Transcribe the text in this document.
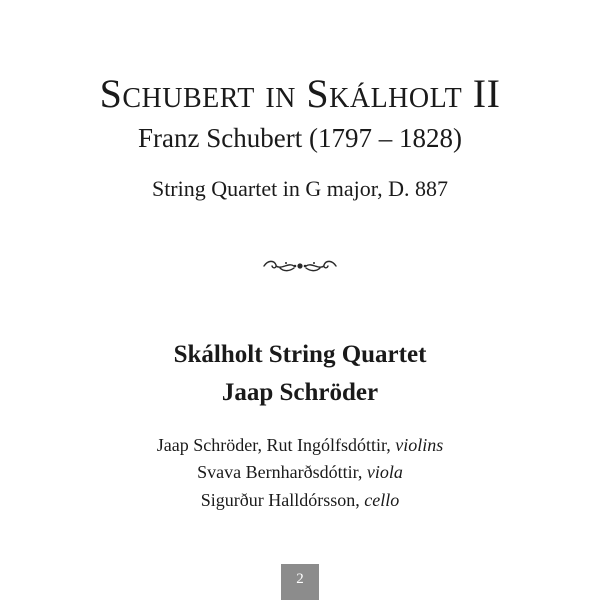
Schubert in Skálholt II
Franz Schubert (1797 – 1828)
String Quartet in G major, D. 887
Skálholt String Quartet
Jaap Schröder
Jaap Schröder, Rut Ingólfsdóttir, violins
Svava Bernharðsdóttir, viola
Sigurður Halldórsson, cello
2
